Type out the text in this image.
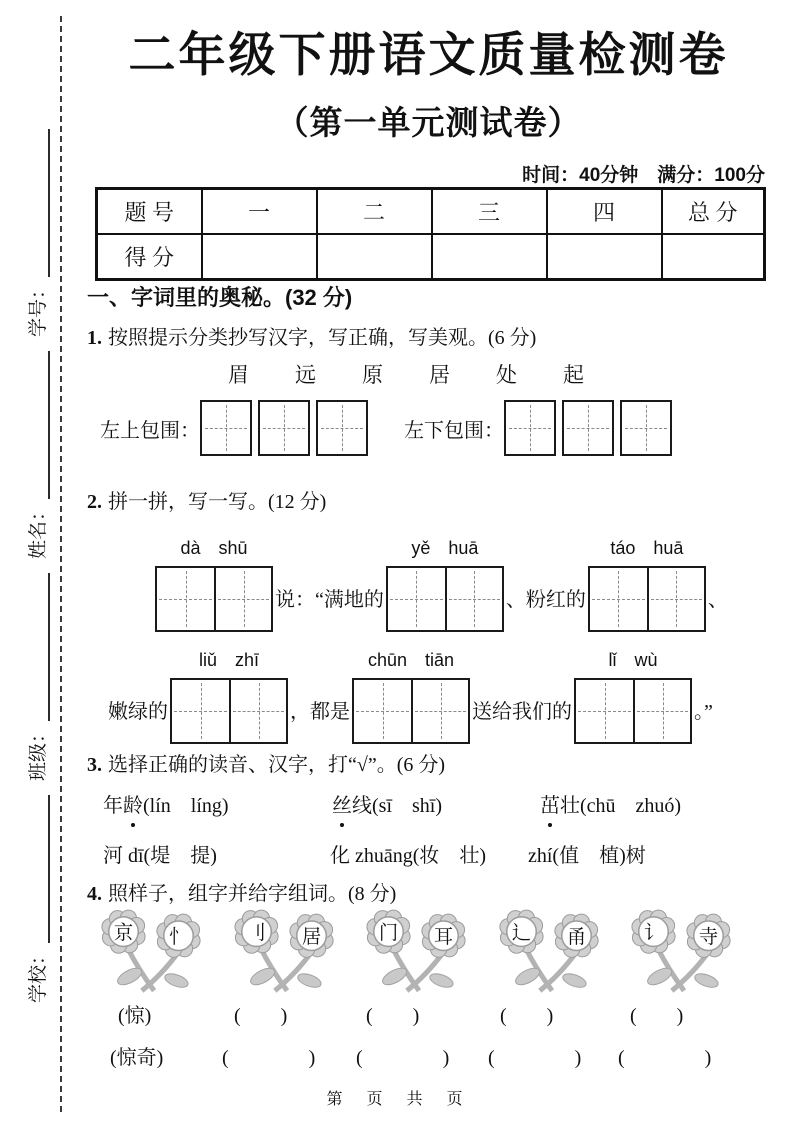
学校：
班级：
姓名：
学号：
二年级下册语文质量检测卷
（第一单元测试卷）
时间：40分钟　满分：100分
题 号	一	二	三	四	总 分
得 分					
一、字词里的奥秘。(32 分)
1. 按照提示分类抄写汉字，写正确，写美观。(6 分)
眉 远 原 居 处 起
左上包围：	左下包围：
2. 拼一拼，写一写。(12 分)
dà　shū
说：“满地的
yě　huā
、粉红的
táo　huā
、
嫩绿的
liǔ　zhī
，都是
chūn　tiān
送给我们的
lǐ　wù
。”
3. 选择正确的读音、汉字，打“√”。(6 分)
年龄(lín　líng)	丝线(sī　shī)	茁壮(chū　zhuó)
河 dī(堤　提)	化 zhuāng(妆　壮) zhí(值　植)树
4. 照样子，组字并给字组词。(8 分)
京 忄	刂 居	门 耳	辶 甬	讠 寺
(惊)	(　　)	(　　)	(　　)	(　　)
(惊奇)	(　　　　) (　　　　) (　　　　) (　　　　)
第　页　共　页
